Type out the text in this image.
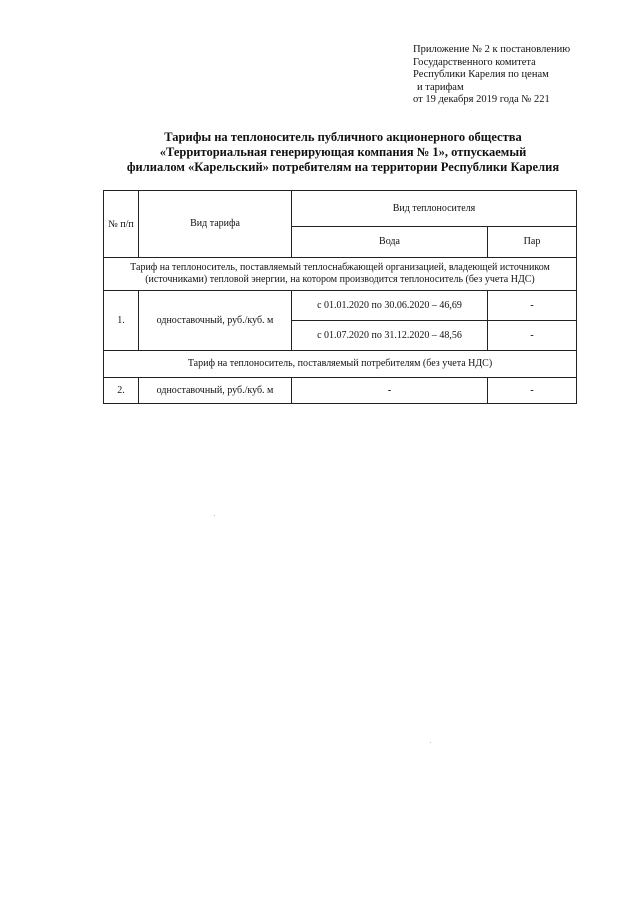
Приложение № 2 к постановлению
Государственного комитета
Республики Карелия по ценам
и тарифам
от 19 декабря 2019 года № 221
Тарифы на теплоноситель публичного акционерного общества
«Территориальная генерирующая компания № 1», отпускаемый
филиалом «Карельский» потребителям на территории Республики Карелия
№ п/п	Вид тарифа	Вид теплоносителя	
		Вода	Пар
Тариф на теплоноситель, поставляемый теплоснабжающей организацией, владеющей источником (источниками) тепловой энергии, на котором производится теплоноситель (без учета НДС)			
1.	одноставочный, руб./куб. м	с 01.01.2020 по 30.06.2020 – 46,69	-
		с 01.07.2020 по 31.12.2020 – 48,56	-
Тариф на теплоноситель, поставляемый потребителям (без учета НДС)			
2.	одноставочный, руб./куб. м	-	-
